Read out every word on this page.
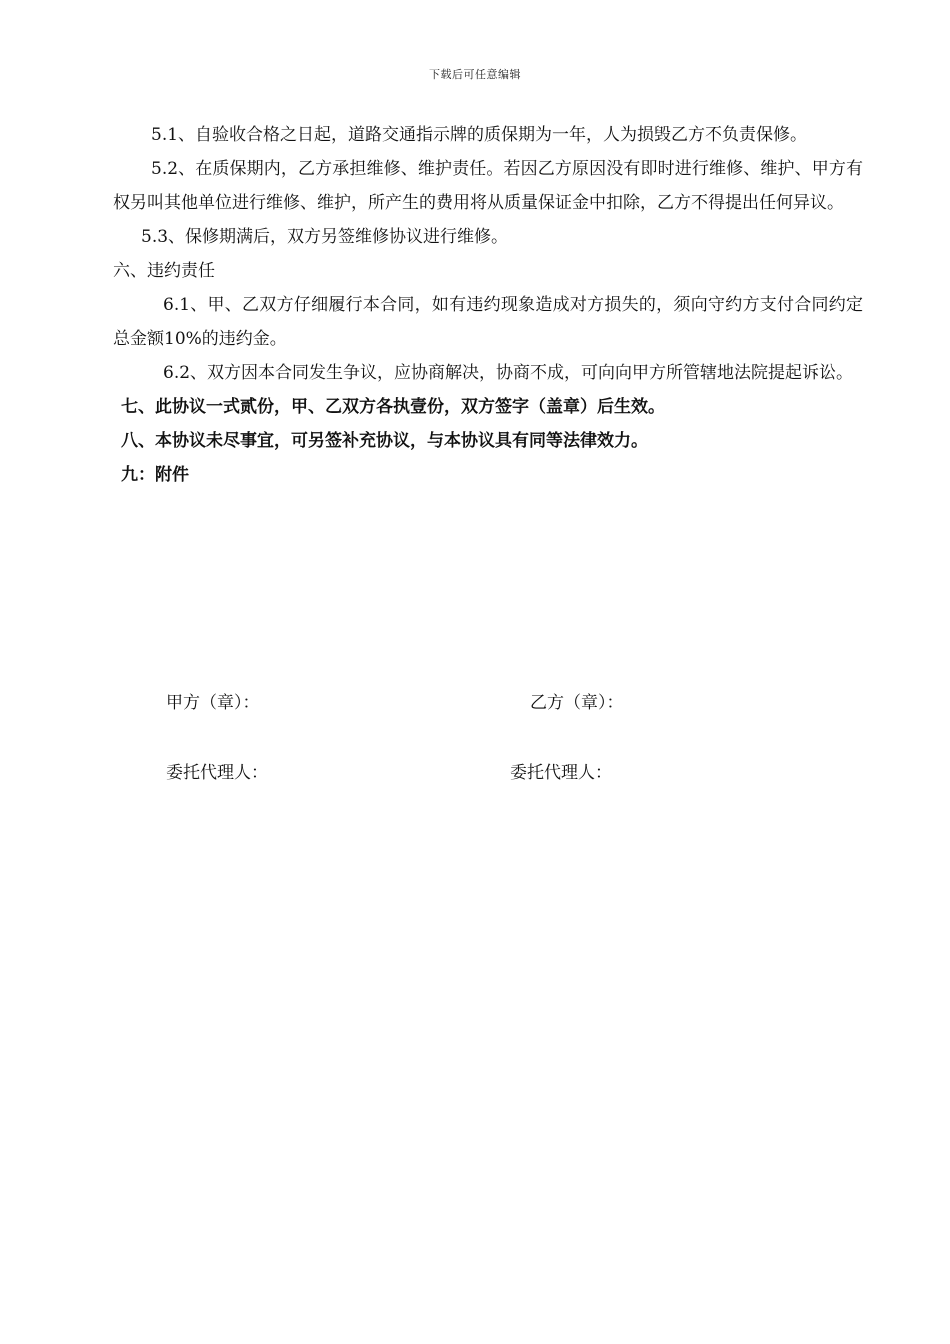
下载后可任意编辑

5.1、自验收合格之日起，道路交通指示牌的质保期为一年，人为损毁乙方不负责保修。

5.2、在质保期内，乙方承担维修、维护责任。若因乙方原因没有即时进行维修、维护、甲方有权另叫其他单位进行维修、维护，所产生的费用将从质量保证金中扣除，乙方不得提出任何异议。

5.3、保修期满后，双方另签维修协议进行维修。

六、违约责任

6.1、甲、乙双方仔细履行本合同，如有违约现象造成对方损失的，须向守约方支付合同约定总金额10%的违约金。

6.2、双方因本合同发生争议，应协商解决，协商不成，可向向甲方所管辖地法院提起诉讼。

七、此协议一式贰份，甲、乙双方各执壹份，双方签字（盖章）后生效。

八、本协议未尽事宜，可另签补充协议，与本协议具有同等法律效力。

九：附件

甲方（章）：	乙方（章）：
委托代理人：	委托代理人：
